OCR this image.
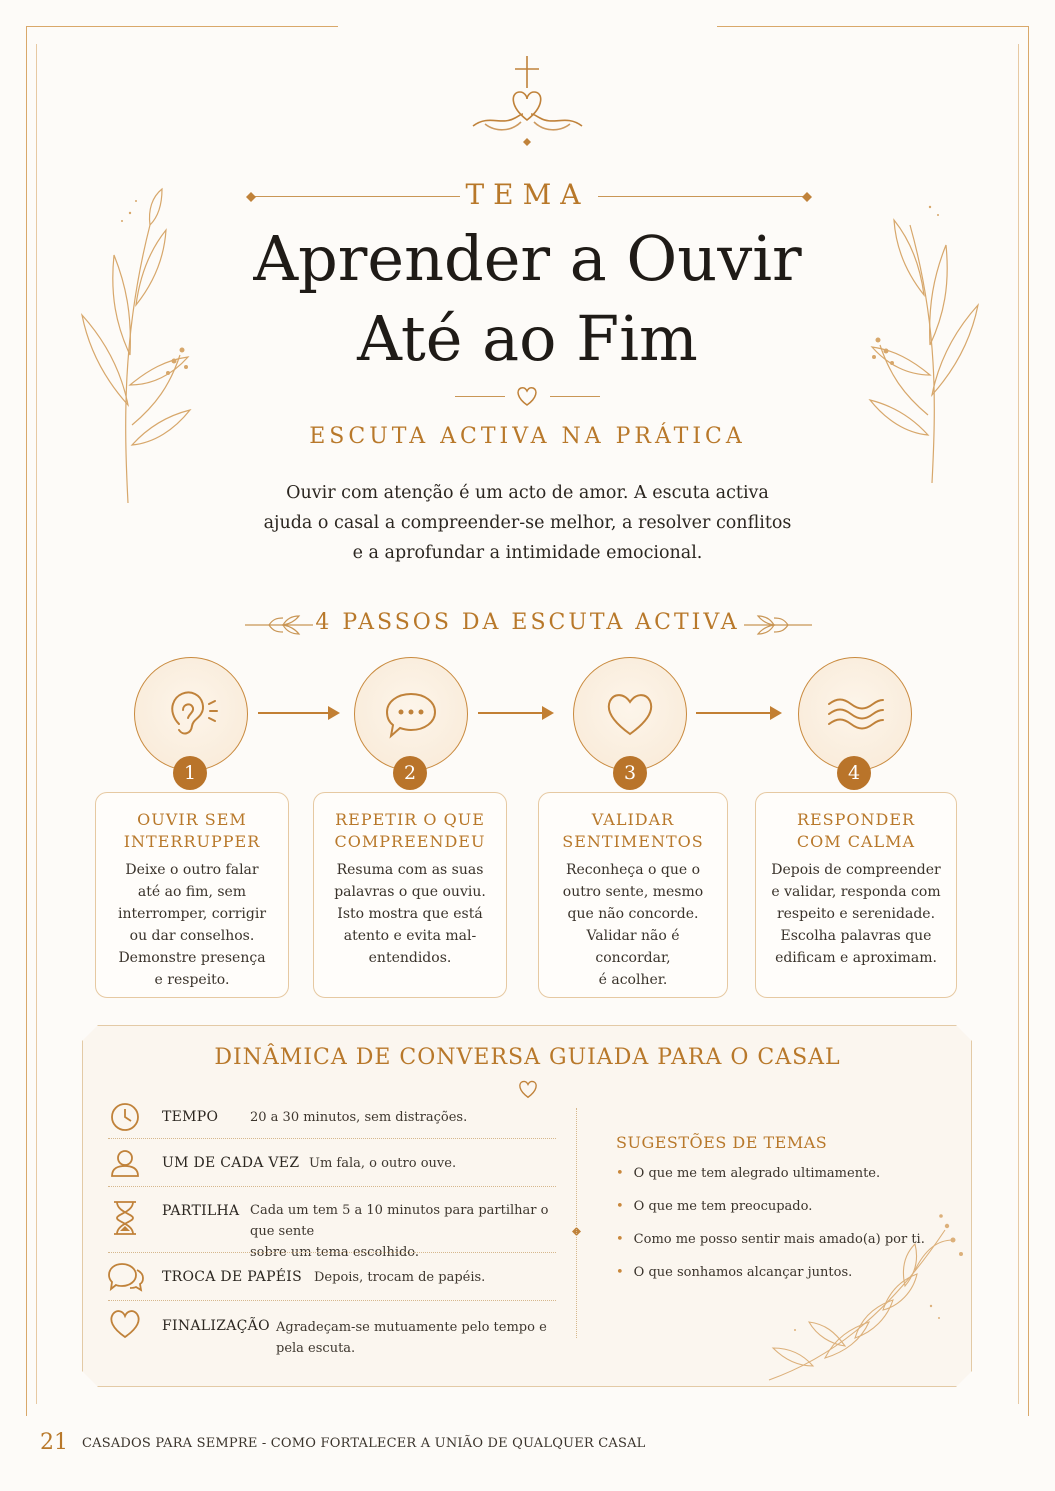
TEMA
Aprender a Ouvir
Até ao Fim
ESCUTA ACTIVA NA PRÁTICA
Ouvir com atenção é um acto de amor. A escuta activa
ajuda o casal a compreender-se melhor, a resolver conflitos
e a aprofundar a intimidade emocional.
4 PASSOS DA ESCUTA ACTIVA
1	2	3	4
OUVIR SEM
INTERRUPPER
Deixe o outro falar
até ao fim, sem
interromper, corrigir
ou dar conselhos.
Demonstre presença
e respeito.
REPETIR O QUE
COMPREENDEU
Resuma com as suas
palavras o que ouviu.
Isto mostra que está
atento e evita mal-
entendidos.
VALIDAR
SENTIMENTOS
Reconheça o que o
outro sente, mesmo
que não concorde.
Validar não é concordar,
é acolher.
RESPONDER
COM CALMA
Depois de compreender
e validar, responda com
respeito e serenidade.
Escolha palavras que
edificam e aproximam.
DINÂMICA DE CONVERSA GUIADA PARA O CASAL
TEMPO 20 a 30 minutos, sem distrações.
UM DE CADA VEZ Um fala, o outro ouve.
PARTILHA Cada um tem 5 a 10 minutos para partilhar o que sente
sobre um tema escolhido.
TROCA DE PAPÉIS Depois, trocam de papéis.
FINALIZAÇÃO Agradeçam-se mutuamente pelo tempo e pela escuta.
SUGESTÕES DE TEMAS
• O que me tem alegrado ultimamente.
• O que me tem preocupado.
• Como me posso sentir mais amado(a) por ti.
• O que sonhamos alcançar juntos.
21 CASADOS PARA SEMPRE - COMO FORTALECER A UNIÃO DE QUALQUER CASAL
